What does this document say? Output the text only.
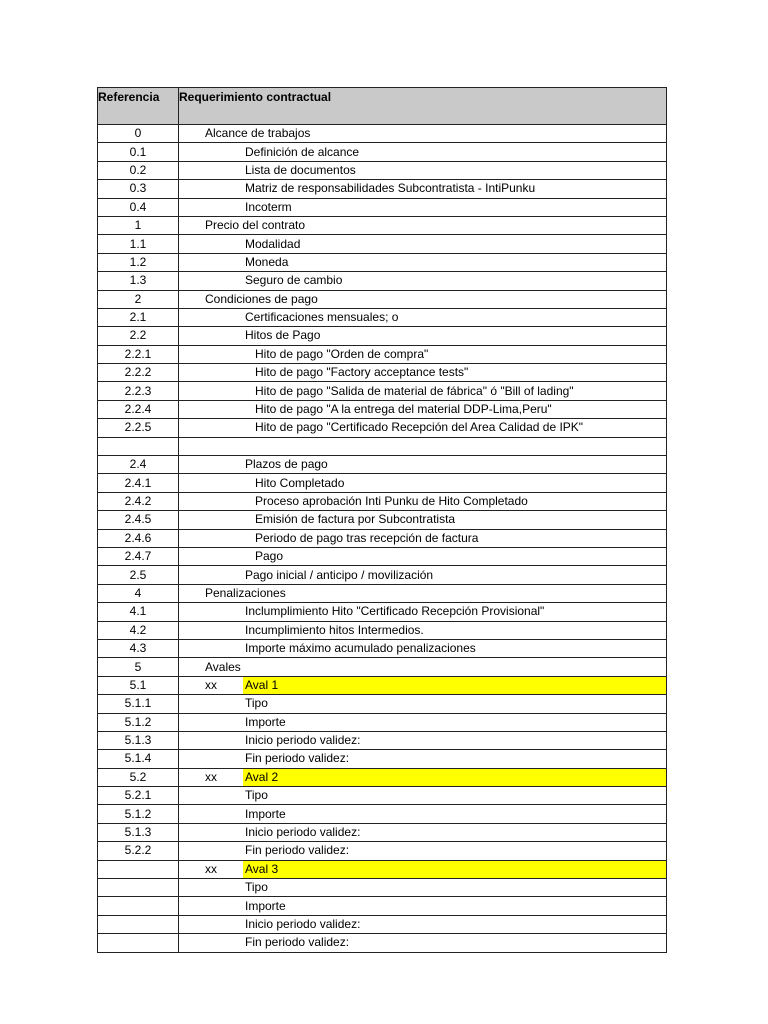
Referencia	Requerimiento contractual
0	Alcance de trabajos

0.1	Definición de alcance

0.2	Lista de documentos

0.3	Matriz de responsabilidades Subcontratista - IntiPunku

0.4	Incoterm

1	Precio del contrato

1.1	Modalidad

1.2	Moneda

1.3	Seguro de cambio

2	Condiciones de pago

2.1	Certificaciones mensuales; o

2.2	Hitos de Pago

2.2.1	Hito de pago "Orden de compra"

2.2.2	Hito de pago "Factory acceptance tests"

2.2.3	Hito de pago "Salida de material de fábrica" ó "Bill of lading"

2.2.4	Hito de pago "A la entrega del material DDP-Lima,Peru"

2.2.5	Hito de pago "Certificado Recepción del Area Calidad de IPK"

2.4	Plazos de pago

2.4.1	Hito Completado

2.4.2	Proceso aprobación Inti Punku de Hito Completado

2.4.5	Emisión de factura por Subcontratista

2.4.6	Periodo de pago tras recepción de factura

2.4.7	Pago

2.5	Pago inicial / anticipo / movilización

4	Penalizaciones

4.1	Inclumplimiento Hito "Certificado Recepción Provisional"

4.2	Incumplimiento hitos Intermedios.

4.3	Importe máximo acumulado penalizaciones

5	Avales

5.1	xx Aval 1

5.1.1	Tipo

5.1.2	Importe

5.1.3	Inicio periodo validez:

5.1.4	Fin periodo validez:

5.2	xx Aval 2

5.2.1	Tipo

5.1.2	Importe

5.1.3	Inicio periodo validez:

5.2.2	Fin periodo validez:

	xx Aval 3

	Tipo

	Importe

	Inicio periodo validez:

	Fin periodo validez:
